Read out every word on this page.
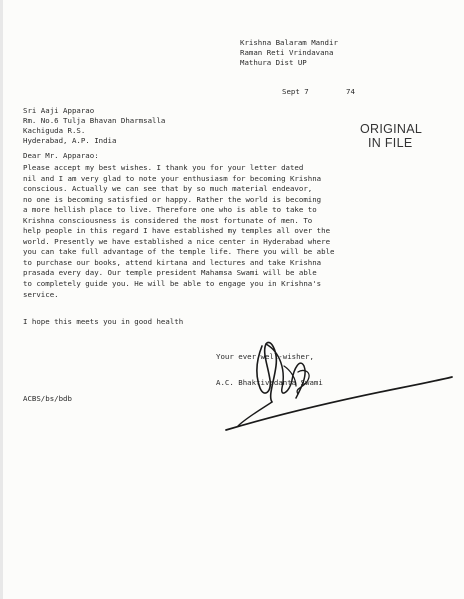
Krishna Balaram Mandir
Raman Reti Vrindavana
Mathura Dist UP
Sept 7	74
Sri Aaji Apparao
Rm. No.6 Tulja Bhavan Dharmsalla
Kachiguda R.S.
Hyderabad, A.P. India
ORIGINAL
IN FILE
Dear Mr. Apparao:
Please accept my best wishes. I thank you for your letter dated
nil and I am very glad to note your enthusiasm for becoming Krishna
conscious. Actually we can see that by so much material endeavor,
no one is becoming satisfied or happy. Rather the world is becoming
a more hellish place to live. Therefore one who is able to take to
Krishna consciousness is considered the most fortunate of men. To
help people in this regard I have established my temples all over the
world. Presently we have established a nice center in Hyderabad where
you can take full advantage of the temple life. There you will be able
to purchase our books, attend kirtana and lectures and take Krishna
prasada every day. Our temple president Mahamsa Swami will be able
to completely guide you. He will be able to engage you in Krishna's
service.
I hope this meets you in good health
Your ever well-wisher,
A.C. Bhaktivedanta Swami
ACBS/bs/bdb
